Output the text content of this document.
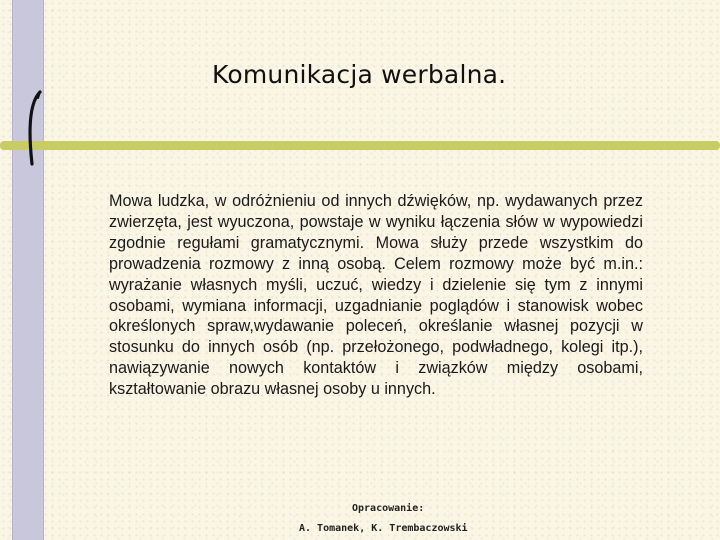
Komunikacja werbalna.

Mowa ludzka, w odróżnieniu od innych dźwięków, np. wydawanych przez zwierzęta, jest wyuczona, powstaje w wyniku łączenia słów w wypowiedzi zgodnie regułami gramatycznymi. Mowa służy przede wszystkim do prowadzenia rozmowy z inną osobą. Celem rozmowy może być m.in.: wyrażanie własnych myśli, uczuć, wiedzy i dzielenie się tym z innymi osobami, wymiana informacji, uzgadnianie poglądów i stanowisk wobec określonych spraw,wydawanie poleceń, określanie własnej pozycji w stosunku do innych osób (np. przełożonego, podwładnego, kolegi itp.), nawiązywanie nowych kontaktów i związków między osobami, kształtowanie obrazu własnej osoby u innych.

Opracowanie:
A. Tomanek, K. Trembaczowski
